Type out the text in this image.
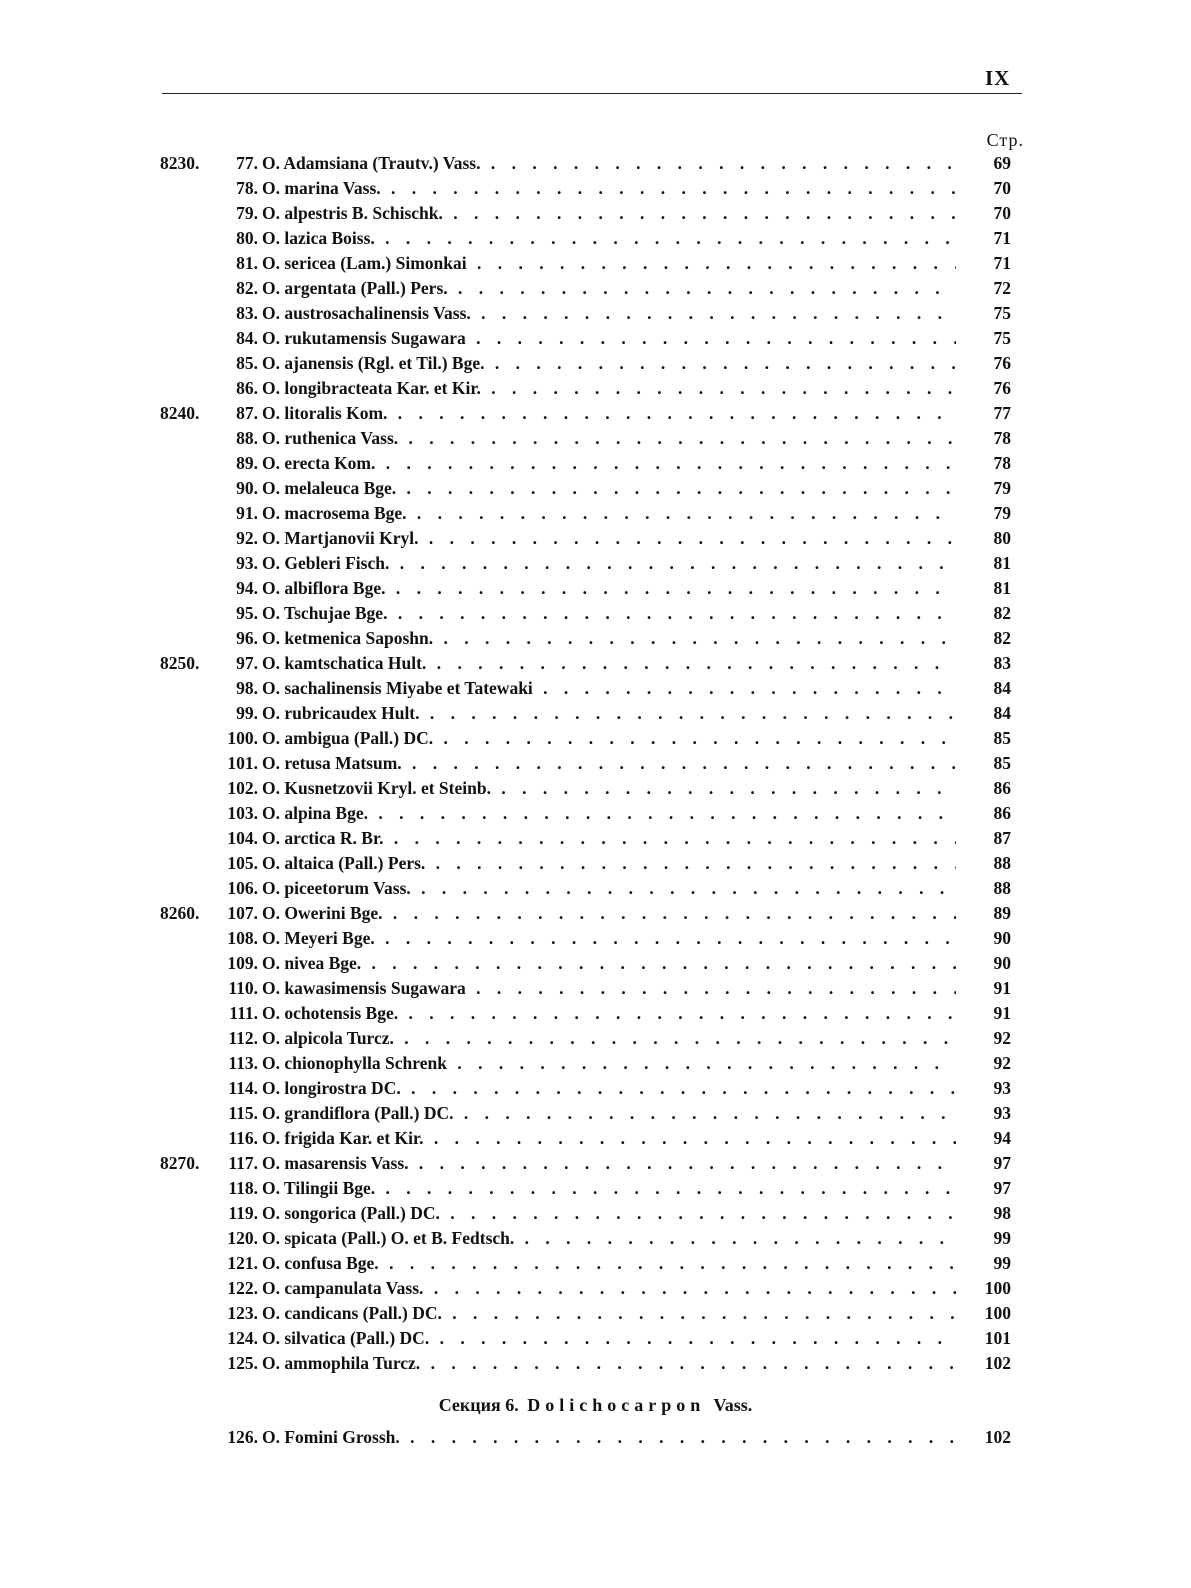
IX
Стр.
8230.	77. O. Adamsiana (Trautv.) Vass. . . .	69
78. O. marina Vass. . . .	70
79. O. alpestris B. Schischk. . . .	70
80. O. lazica Boiss. . . .	71
81. O. sericea (Lam.) Simonkai . . .	71
82. O. argentata (Pall.) Pers. . . .	72
83. O. austrosachalinensis Vass. . . .	75
84. O. rukutamensis Sugawara . . .	75
85. O. ajanensis (Rgl. et Til.) Bge. . . .	76
86. O. longibracteata Kar. et Kir. . . .	76
8240.	87. O. litoralis Kom. . . .	77
88. O. ruthenica Vass. . . .	78
89. O. erecta Kom. . . .	78
90. O. melaleuca Bge. . . .	79
91. O. macrosema Bge. . . .	79
92. O. Martjanovii Kryl. . . .	80
93. O. Gebleri Fisch. . . .	81
94. O. albiflora Bge. . . .	81
95. O. Tschujae Bge. . . .	82
96. O. ketmenica Saposhn. . . .	82
8250.	97. O. kamtschatica Hult. . . .	83
98. O. sachalinensis Miyabe et Tatewaki . . .	84
99. O. rubricaudex Hult. . . .	84
100. O. ambigua (Pall.) DC. . . .	85
101. O. retusa Matsum. . . .	85
102. O. Kusnetzovii Kryl. et Steinb. . . .	86
103. O. alpina Bge. . . .	86
104. O. arctica R. Br. . . .	87
105. O. altaica (Pall.) Pers. . . .	88
106. O. piceetorum Vass. . . .	88
8260.	107. O. Owerini Bge. . . .	89
108. O. Meyeri Bge. . . .	90
109. O. nivea Bge. . . .	90
110. O. kawasimensis Sugawara . . .	91
111. O. ochotensis Bge. . . .	91
112. O. alpicola Turcz. . . .	92
113. O. chionophylla Schrenk . . .	92
114. O. longirostra DC. . . .	93
115. O. grandiflora (Pall.) DC. . . .	93
116. O. frigida Kar. et Kir. . . .	94
8270.	117. O. masarensis Vass. . . .	97
118. O. Tilingii Bge. . . .	97
119. O. songorica (Pall.) DC. . . .	98
120. O. spicata (Pall.) O. et B. Fedtsch. . . .	99
121. O. confusa Bge. . . .	99
122. O. campanulata Vass. . . .	100
123. O. candicans (Pall.) DC. . . .	100
124. O. silvatica (Pall.) DC. . . .	101
125. O. ammophila Turcz. . . .	102
Секция 6. Dolichocarpon Vass.
126. O. Fomini Grossh. . . .	102
